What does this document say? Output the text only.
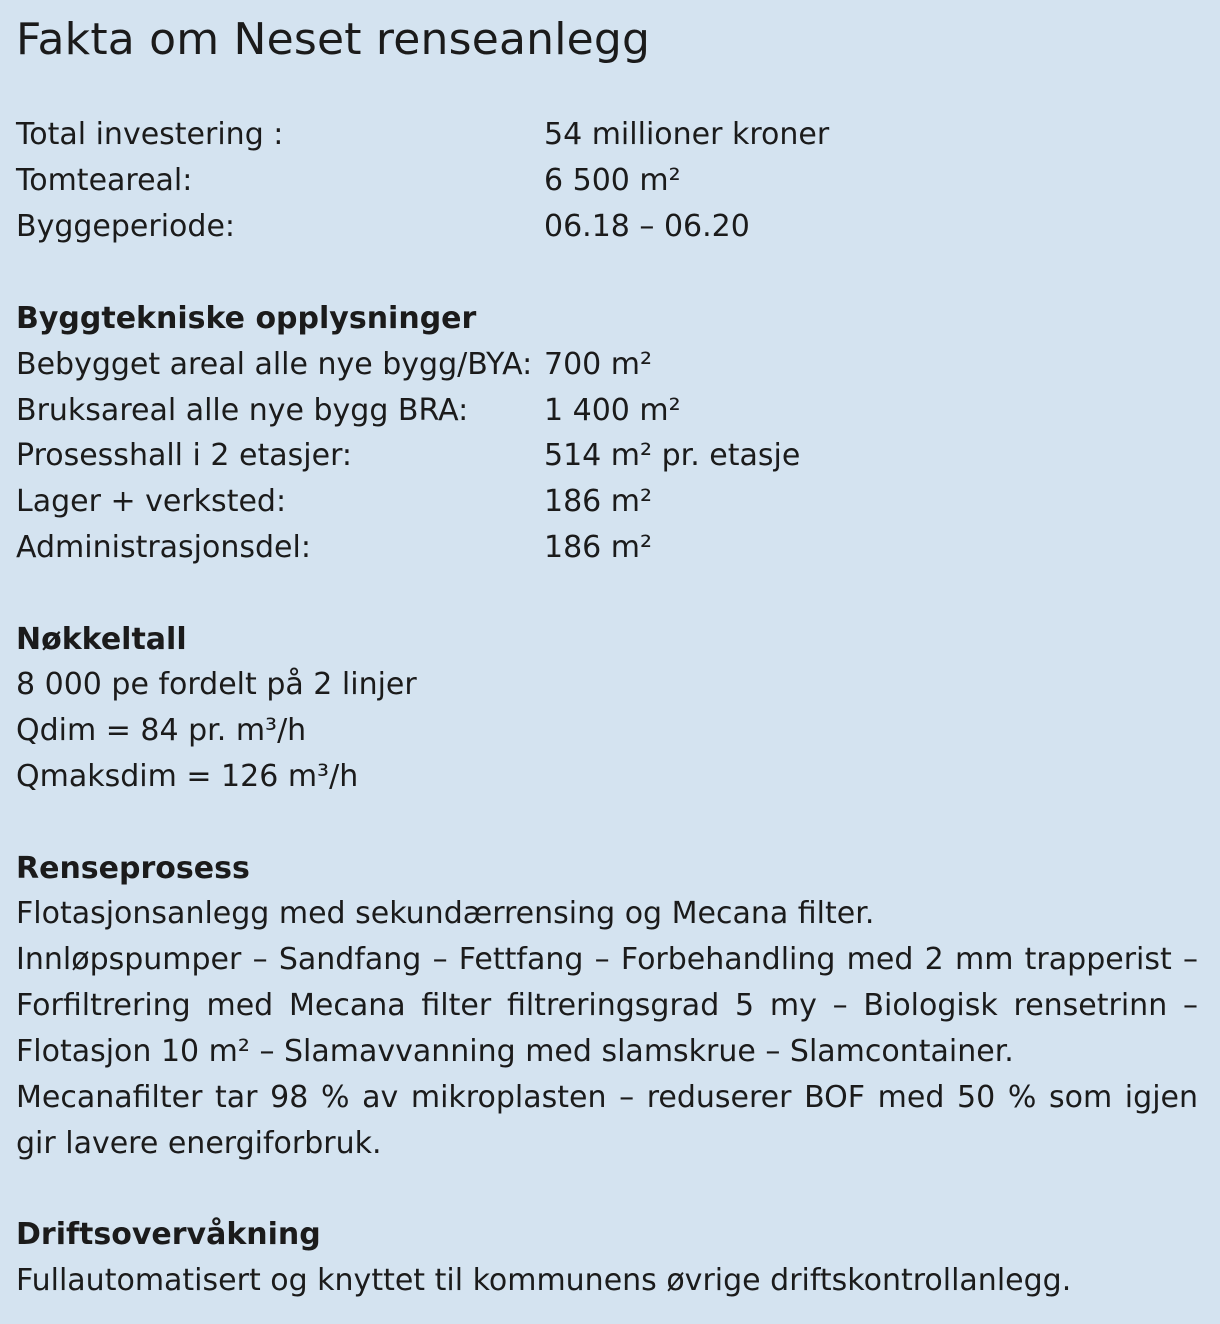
Fakta om Neset renseanlegg
Total investering :	54 millioner kroner
Tomteareal:	6 500 m²
Byggeperiode:	06.18 – 06.20
Byggtekniske opplysninger
Bebygget areal alle nye bygg/BYA: 700 m²
Bruksareal alle nye bygg BRA:	1 400 m²
Prosesshall i 2 etasjer:	514 m² pr. etasje
Lager + verksted:	186 m²
Administrasjonsdel:	186 m²
Nøkkeltall
8 000 pe fordelt på 2 linjer
Qdim = 84 pr. m³/h
Qmaksdim = 126 m³/h
Renseprosess
Flotasjonsanlegg med sekundærrensing og Mecana filter.
Innløpspumper – Sandfang – Fettfang – Forbehandling med 2 mm trapperist – Forfiltrering med Mecana filter filtreringsgrad 5 my – Biologisk rensetrinn – Flotasjon 10 m² – Slamavvanning med slamskrue – Slamcontainer.
Mecanafilter tar 98 % av mikroplasten – reduserer BOF med 50 % som igjen gir lavere energiforbruk.
Driftsovervåkning
Fullautomatisert og knyttet til kommunens øvrige driftskontrollanlegg.
